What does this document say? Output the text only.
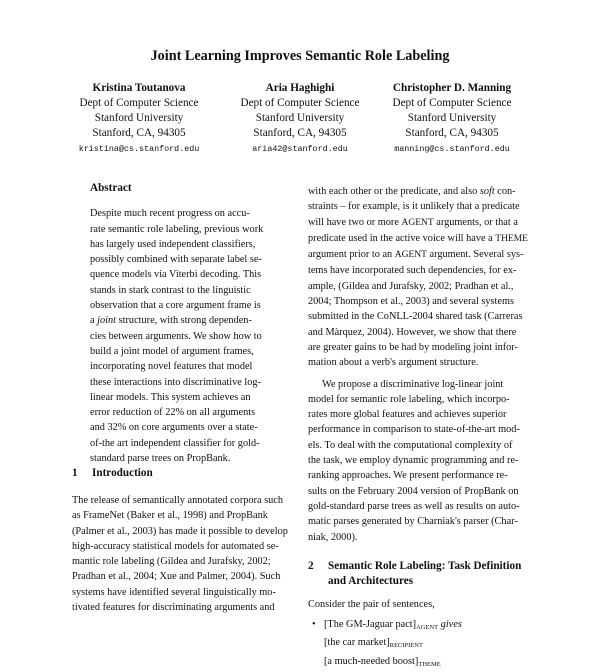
Joint Learning Improves Semantic Role Labeling
Kristina Toutanova
Dept of Computer Science
Stanford University
Stanford, CA, 94305
kristina@cs.stanford.edu
Aria Haghighi
Dept of Computer Science
Stanford University
Stanford, CA, 94305
aria42@stanford.edu
Christopher D. Manning
Dept of Computer Science
Stanford University
Stanford, CA, 94305
manning@cs.stanford.edu

Abstract

Despite much recent progress on accu-

rate semantic role labeling, previous work

has largely used independent classifiers,

possibly combined with separate label se-

quence models via Viterbi decoding. This

stands in stark contrast to the linguistic

observation that a core argument frame is

a joint structure, with strong dependen-

cies between arguments. We show how to

build a joint model of argument frames,

incorporating novel features that model

these interactions into discriminative log-

linear models. This system achieves an

error reduction of 22% on all arguments

and 32% on core arguments over a state-

of-the art independent classifier for gold-

standard parse trees on PropBank.

1	Introduction

The release of semantically annotated corpora such

as FrameNet (Baker et al., 1998) and PropBank

(Palmer et al., 2003) has made it possible to develop

high-accuracy statistical models for automated se-

mantic role labeling (Gildea and Jurafsky, 2002;

Pradhan et al., 2004; Xue and Palmer, 2004). Such

systems have identified several linguistically mo-

tivated features for discriminating arguments and

with each other or the predicate, and also soft con-

straints – for example, is it unlikely that a predicate

will have two or more AGENT arguments, or that a

predicate used in the active voice will have a THEME

argument prior to an AGENT argument. Several sys-

tems have incorporated such dependencies, for ex-

ample, (Gildea and Jurafsky, 2002; Pradhan et al.,

2004; Thompson et al., 2003) and several systems

submitted in the CoNLL-2004 shared task (Carreras

and Màrquez, 2004). However, we show that there

are greater gains to be had by modeling joint infor-

mation about a verb's argument structure.

We propose a discriminative log-linear joint

model for semantic role labeling, which incorpo-

rates more global features and achieves superior

performance in comparison to state-of-the-art mod-

els. To deal with the computational complexity of

the task, we employ dynamic programming and re-

ranking approaches. We present performance re-

sults on the February 2004 version of PropBank on

gold-standard parse trees as well as results on auto-

matic parses generated by Charniak's parser (Char-

niak, 2000).

2	Semantic Role Labeling: Task Definition
and Architectures

Consider the pair of sentences,

• [The GM-Jaguar $pact]_{AGENT}$ gives

[the car $market]_{RECIPIENT}$

[a much-needed $boost]_{THEME}$
